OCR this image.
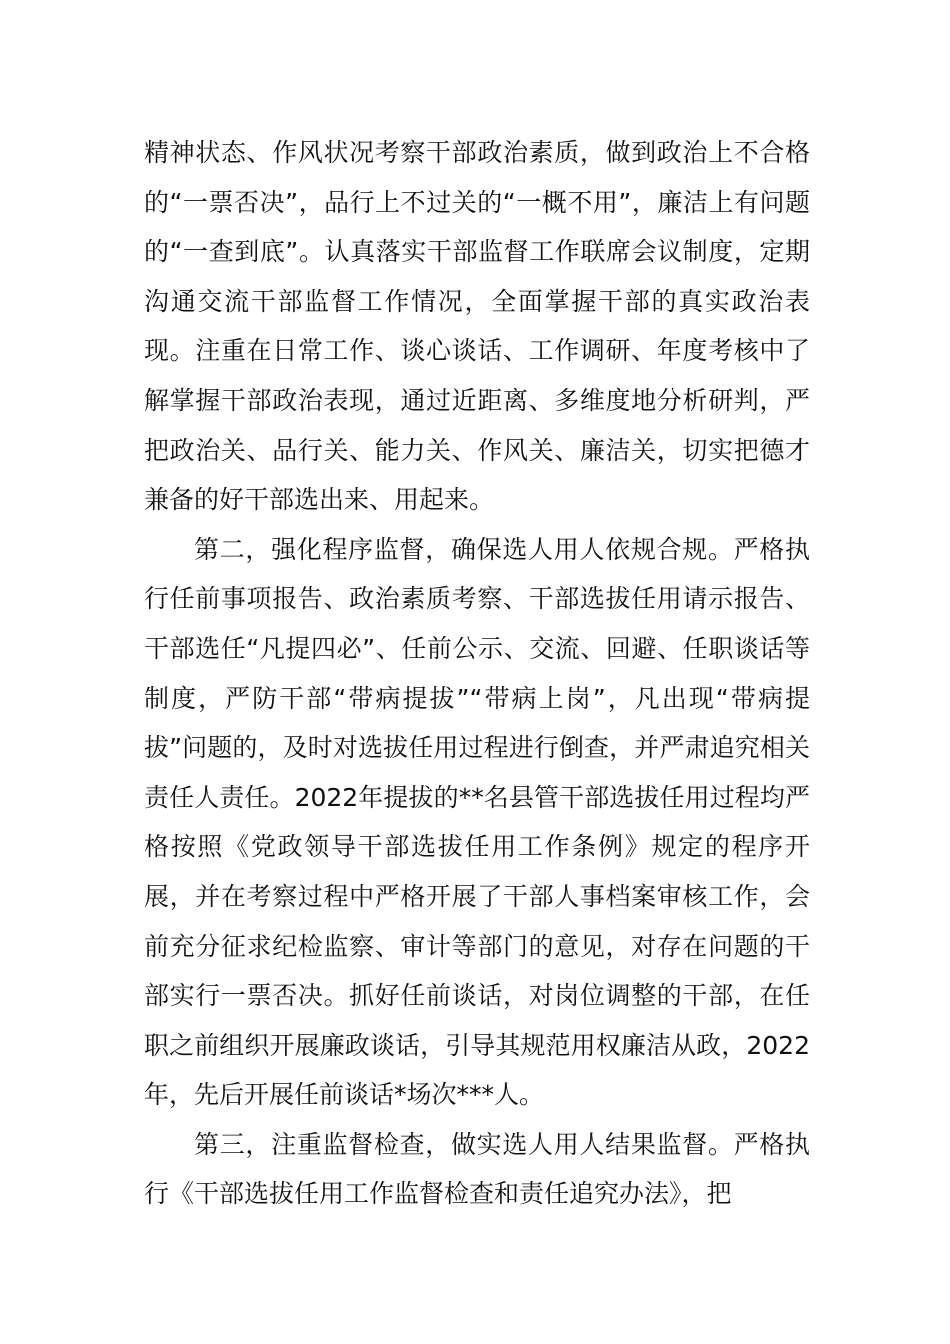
精神状态、作风状况考察干部政治素质，做到政治上不合格的“一票否决”，品行上不过关的“一概不用”，廉洁上有问题的“一查到底”。认真落实干部监督工作联席会议制度，定期沟通交流干部监督工作情况，全面掌握干部的真实政治表现。注重在日常工作、谈心谈话、工作调研、年度考核中了解掌握干部政治表现，通过近距离、多维度地分析研判，严把政治关、品行关、能力关、作风关、廉洁关，切实把德才兼备的好干部选出来、用起来。

第二，强化程序监督，确保选人用人依规合规。严格执行任前事项报告、政治素质考察、干部选拔任用请示报告、干部选任“凡提四必”、任前公示、交流、回避、任职谈话等制度，严防干部“带病提拔”“带病上岗”，凡出现“带病提拔”问题的，及时对选拔任用过程进行倒查，并严肃追究相关责任人责任。2022年提拔的**名县管干部选拔任用过程均严格按照《党政领导干部选拔任用工作条例》规定的程序开展，并在考察过程中严格开展了干部人事档案审核工作，会前充分征求纪检监察、审计等部门的意见，对存在问题的干部实行一票否决。抓好任前谈话，对岗位调整的干部，在任职之前组织开展廉政谈话，引导其规范用权廉洁从政，2022年，先后开展任前谈话*场次***人。

第三，注重监督检查，做实选人用人结果监督。严格执行《干部选拔任用工作监督检查和责任追究办法》，把
